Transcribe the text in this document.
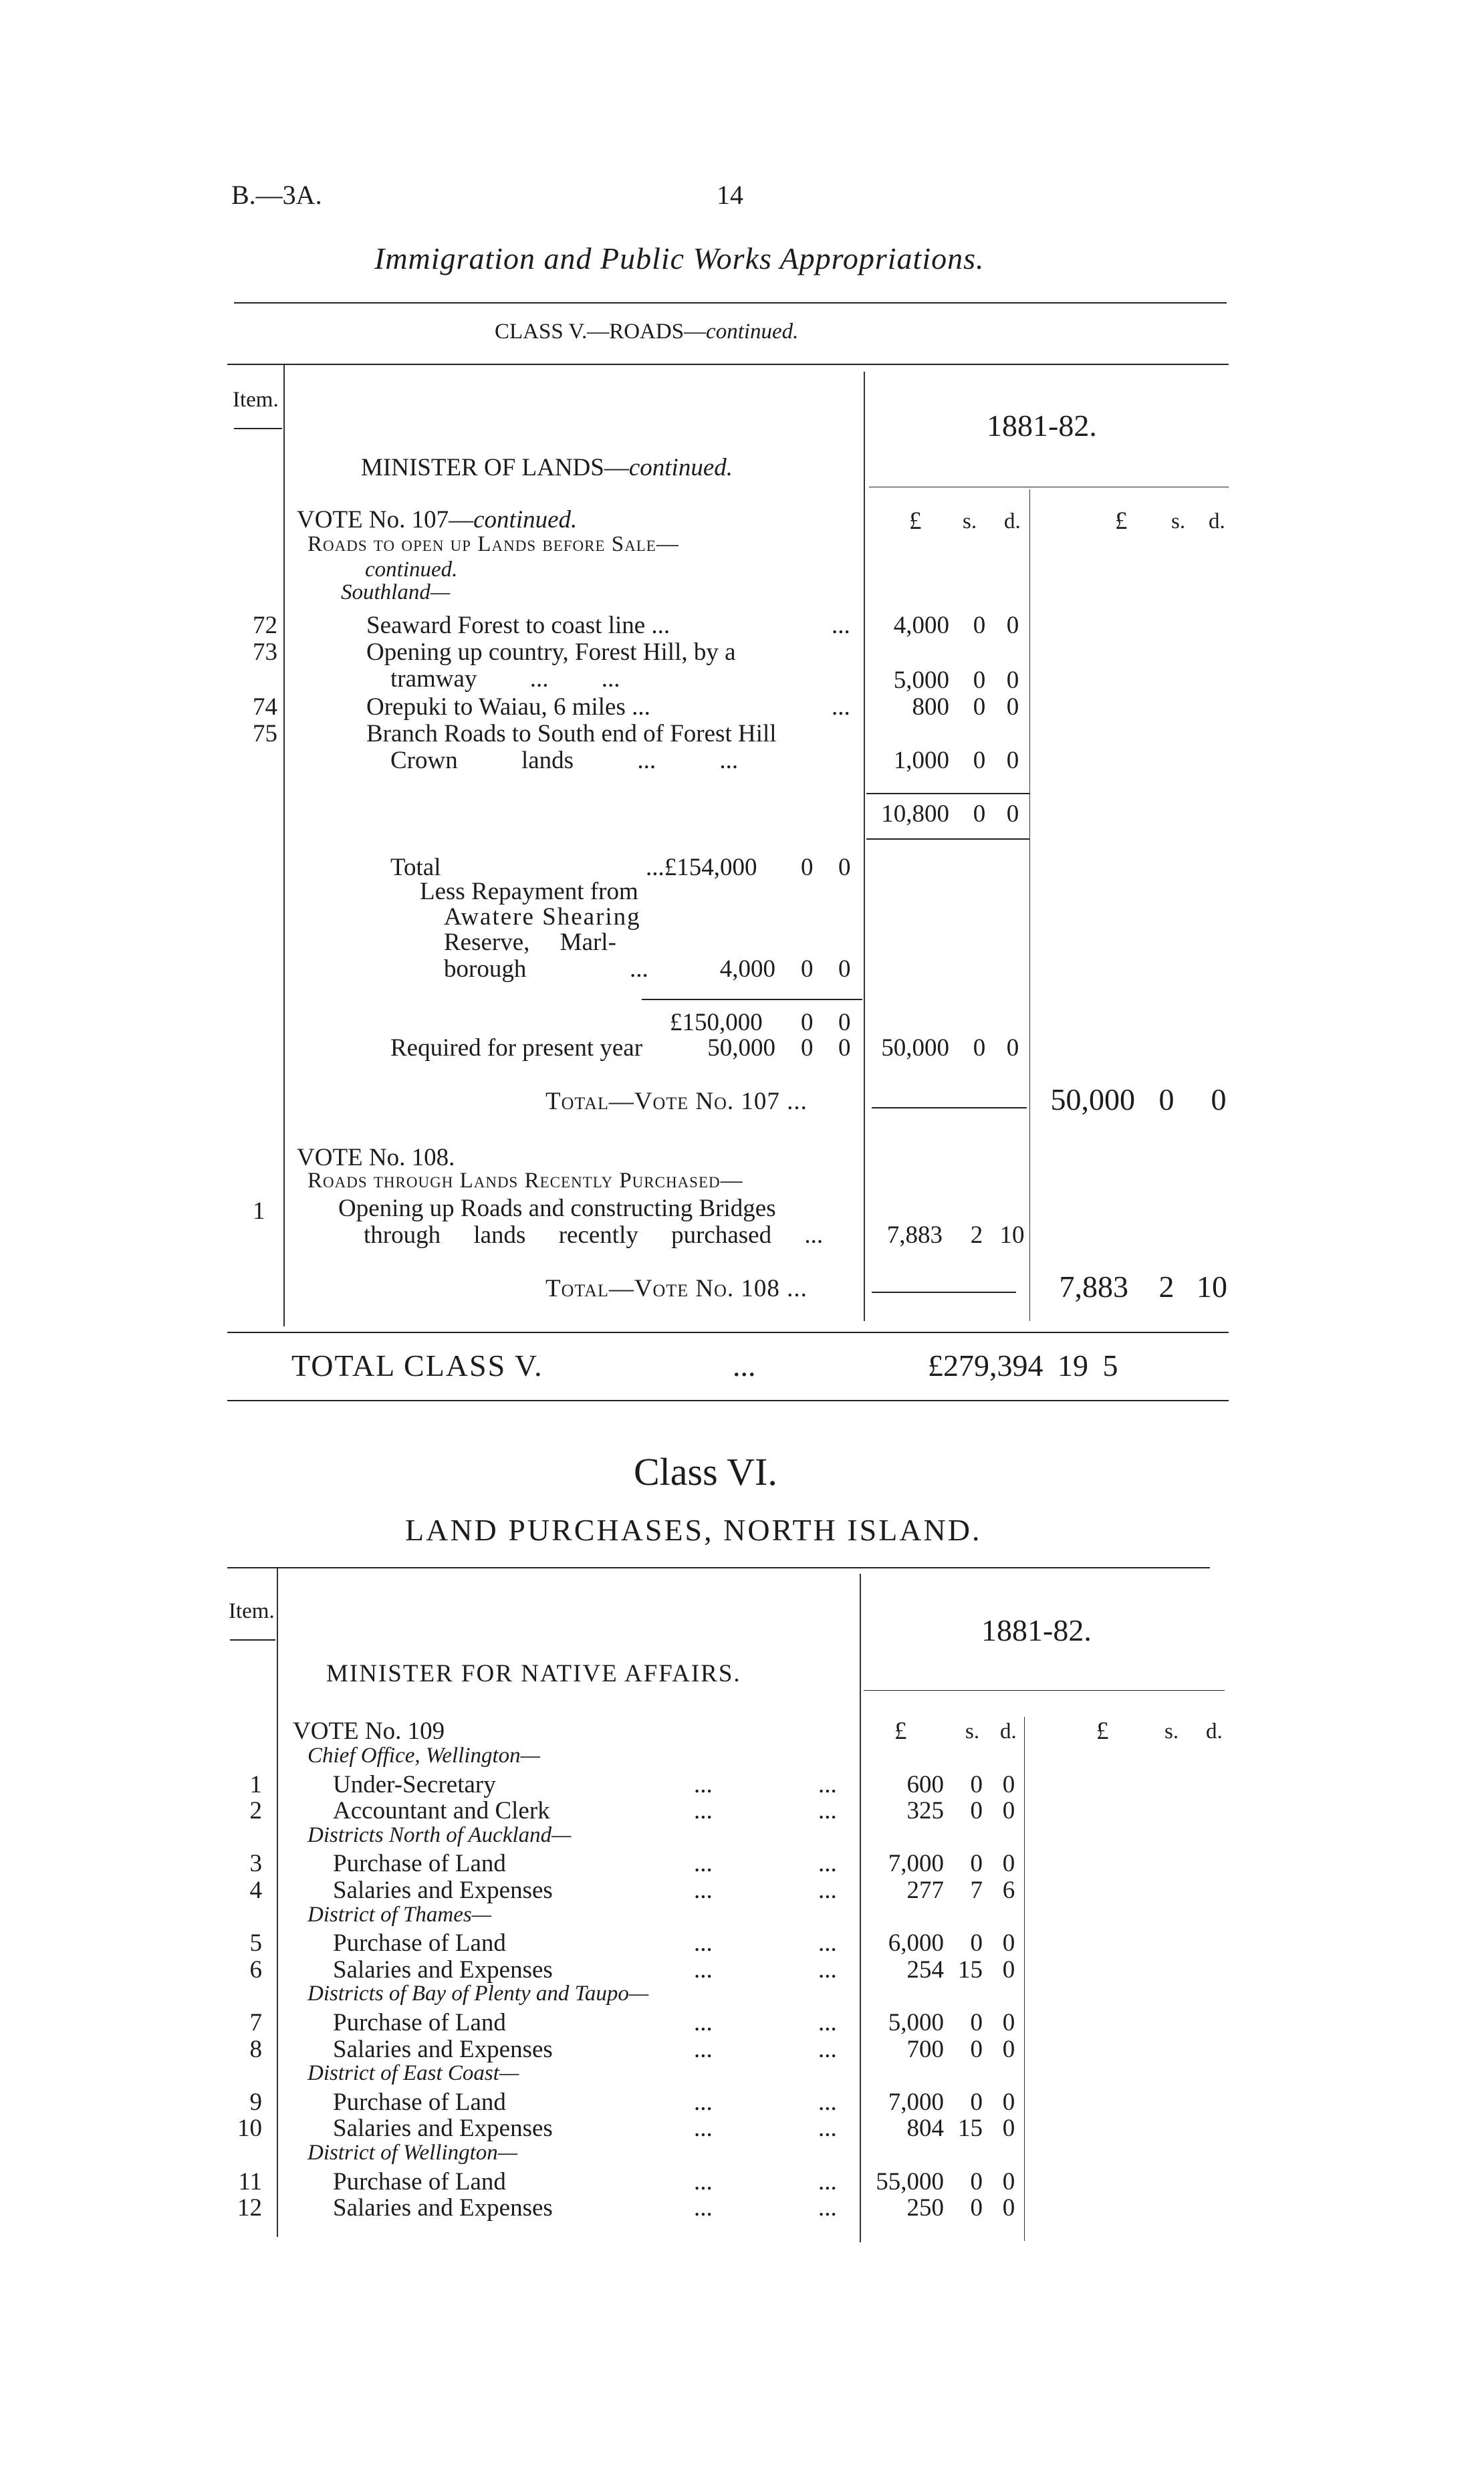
B.—3A.	14
Immigration and Public Works Appropriations.
CLASS V.—ROADS—continued.
Item.
1881-82.
MINISTER OF LANDS—continued.
£ s. d.	£ s. d.
VOTE No. 107—continued.
Roads to open up Lands before Sale—
continued.
Southland—
72	Seaward Forest to coast line ...	...	4,000 0 0
73	Opening up country, Forest Hill, by a
tramway ... ...	5,000 0 0
74	Orepuki to Waiau, 6 miles ...	...	800 0 0
75	Branch Roads to South end of Forest Hill
Crown lands ... ...	1,000 0 0
10,800 0 0
Total	...£154,000 0 0
Less Repayment from
Awatere Shearing
Reserve, Marl-
borough	...	4,000 0 0
£150,000 0 0
Required for present year	50,000 0 0	50,000 0 0
Total—Vote No. 107 ...	50,000 0 0
VOTE No. 108.
Roads through Lands Recently Purchased—
1	Opening up Roads and constructing Bridges
through lands recently purchased ...	7,883 2 10
Total—Vote No. 108 ...	7,883 2 10
TOTAL CLASS V.	...	£279,394 19 5
Class VI.
LAND PURCHASES, NORTH ISLAND.
Item.
1881-82.
MINISTER FOR NATIVE AFFAIRS.
£	s. d.	£	s. d.
VOTE No. 109
Chief Office, Wellington—
1	Under-Secretary	...	...	600	0 0
2	Accountant and Clerk	...	...	325	0 0
Districts North of Auckland—
3	Purchase of Land	...	...	7,000	0 0
4	Salaries and Expenses	...	...	277	7 6
District of Thames—
5	Purchase of Land	...	...	6,000	0 0
6	Salaries and Expenses	...	...	254 15 0
Districts of Bay of Plenty and Taupo—
7	Purchase of Land	...	...	5,000	0 0
8	Salaries and Expenses	...	...	700	0 0
District of East Coast—
9	Purchase of Land	...	...	7,000	0 0
10	Salaries and Expenses	...	...	804 15 0
District of Wellington—
11	Purchase of Land	...	...	55,000	0 0
12	Salaries and Expenses	...	...	250	0 0
